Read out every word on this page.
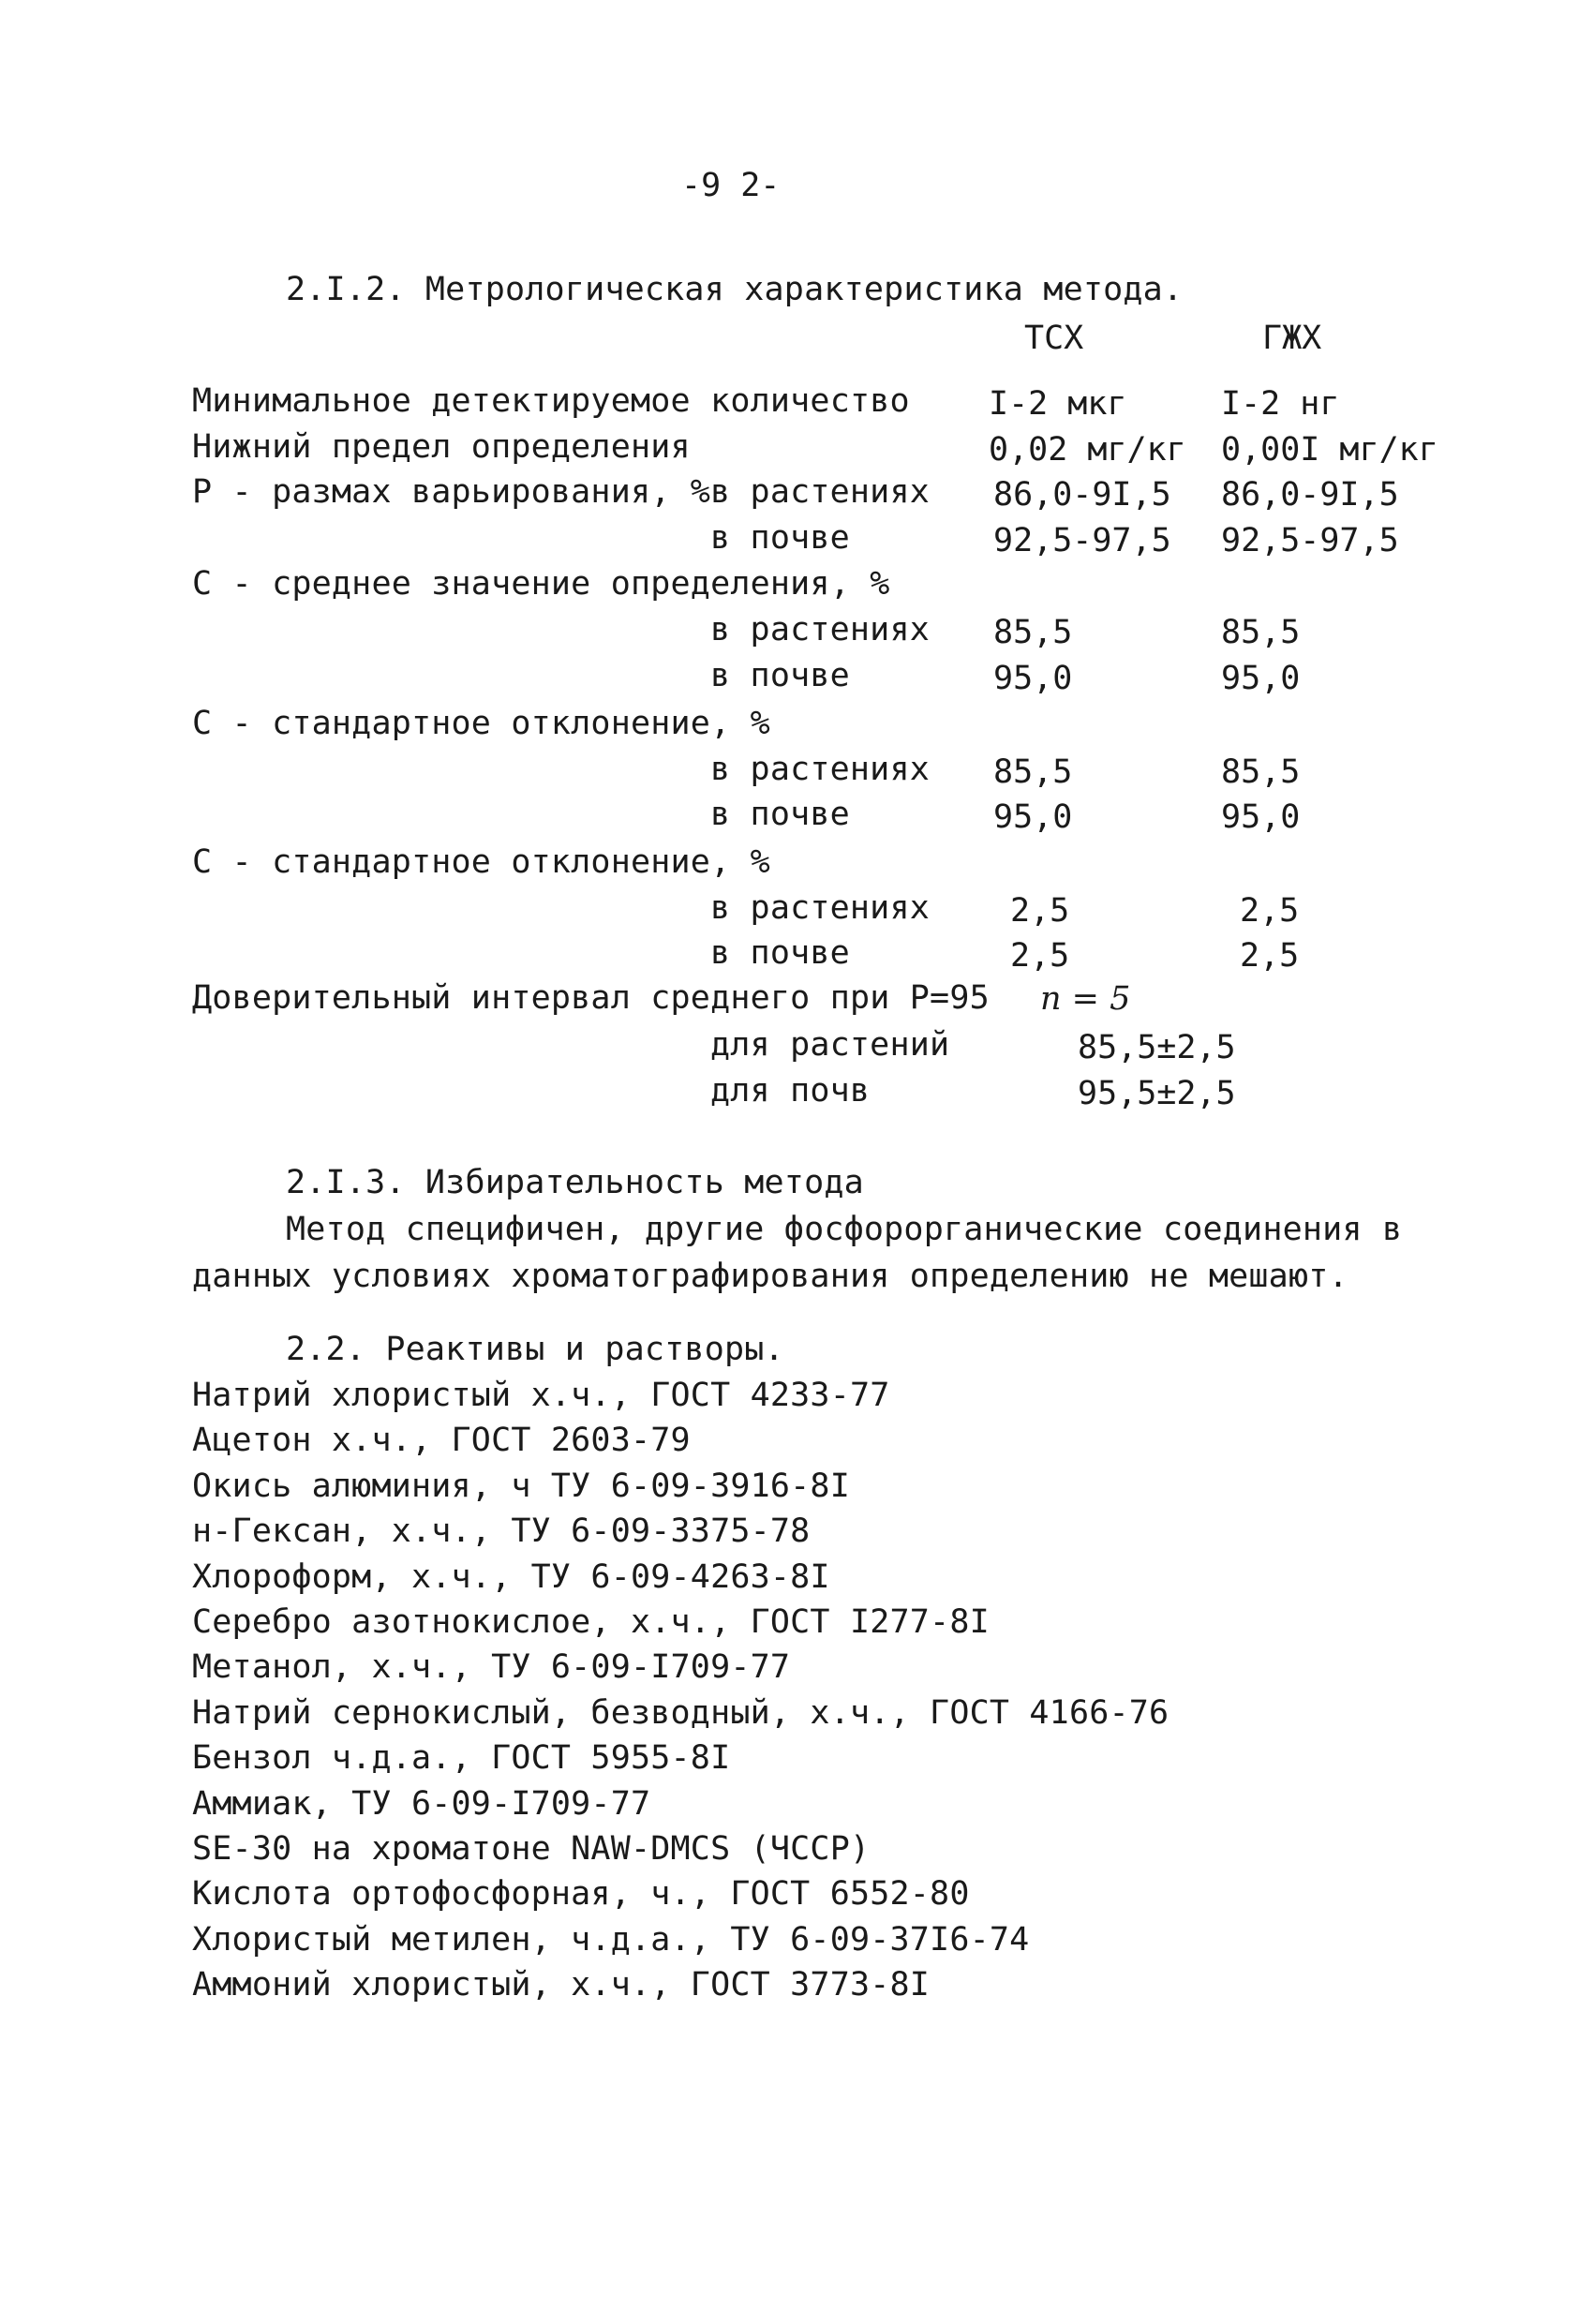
-9 2-
2.I.2. Метрологическая характеристика метода.
ТСХ	ГЖХ
Минимальное детектируемое количество I-2 мкг	I-2 нг
Нижний предел определения	0,02 мг/кг 0,00I мг/кг
Р - размах варьирования, % в растениях 86,0-9I,5 86,0-9I,5
в почве	92,5-97,5 92,5-97,5
С - среднее значение определения, %
в растениях 85,5	85,5
в почве	95,0	95,0
С - стандартное отклонение, %
в растениях 85,5	85,5
в почве	95,0	95,0
С - стандартное отклонение, %
в растениях 2,5	2,5
в почве	2,5	2,5
Доверительный интервал среднего при Р=95 n = 5
для растений	85,5±2,5
для почв	95,5±2,5
2.I.3. Избирательность метода
Метод специфичен, другие фосфорорганические соединения в
данных условиях хроматографирования определению не мешают.
2.2. Реактивы и растворы.
Натрий хлористый х.ч., ГОСТ 4233-77
Ацетон х.ч., ГОСТ 2603-79
Окись алюминия, ч ТУ 6-09-3916-8I
н-Гексан, х.ч., ТУ 6-09-3375-78
Хлороформ, х.ч., ТУ 6-09-4263-8I
Серебро азотнокислое, х.ч., ГОСТ I277-8I
Метанол, х.ч., ТУ 6-09-I709-77
Натрий сернокислый, безводный, х.ч., ГОСТ 4166-76
Бензол ч.д.а., ГОСТ 5955-8I
Аммиак, ТУ 6-09-I709-77
SE-30 на хроматоне NAW-DMCS (ЧССР)
Кислота ортофосфорная, ч., ГОСТ 6552-80
Хлористый метилен, ч.д.а., ТУ 6-09-37I6-74
Аммоний хлористый, х.ч., ГОСТ 3773-8I
